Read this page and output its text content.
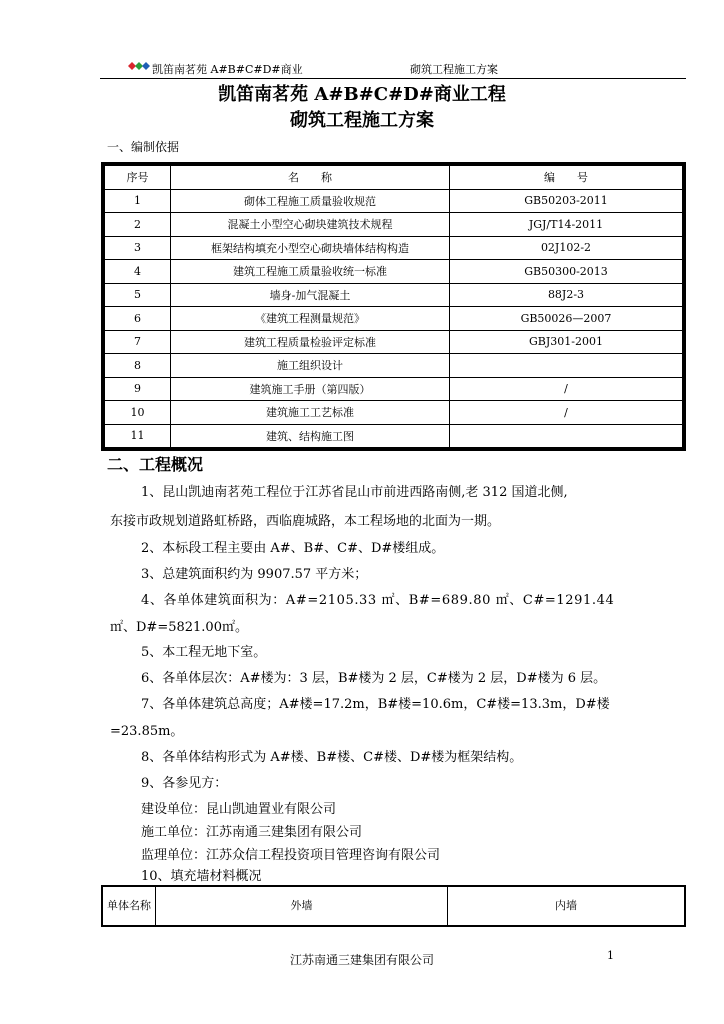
凯笛南茗苑 A#B#C#D#商业	砌筑工程施工方案
凯笛南茗苑 A#B#C#D#商业工程
砌筑工程施工方案
一、编制依据
序号	名　　称	编　　号
1	砌体工程施工质量验收规范	GB50203-2011
2	混凝土小型空心砌块建筑技术规程	JGJ/T14-2011
3	框架结构填充小型空心砌块墙体结构构造	02J102-2
4	建筑工程施工质量验收统一标准	GB50300-2013
5	墙身-加气混凝土	88J2-3
6	《建筑工程测量规范》	GB50026—2007
7	建筑工程质量检验评定标准	GBJ301-2001
8	施工组织设计	
9	建筑施工手册（第四版）	/
10	建筑施工工艺标准	/
11	建筑、结构施工图	
二、工程概况
1、昆山凯迪南茗苑工程位于江苏省昆山市前进西路南侧,老 312 国道北侧,
东接市政规划道路虹桥路，西临鹿城路，本工程场地的北面为一期。
2、本标段工程主要由 A#、B#、C#、D#楼组成。
3、总建筑面积约为 9907.57 平方米；
4、各单体建筑面积为：A#=2105.33 ㎡、B#=689.80 ㎡、C#=1291.44
㎡、D#=5821.00㎡。
5、本工程无地下室。
6、各单体层次：A#楼为：3 层，B#楼为 2 层，C#楼为 2 层，D#楼为 6 层。
7、各单体建筑总高度；A#楼=17.2m，B#楼=10.6m，C#楼=13.3m，D#楼
=23.85m。
8、各单体结构形式为 A#楼、B#楼、C#楼、D#楼为框架结构。
9、各参见方：
建设单位：昆山凯迪置业有限公司
施工单位：江苏南通三建集团有限公司
监理单位：江苏众信工程投资项目管理咨询有限公司
10、填充墙材料概况
单体名称	外墙	内墙
江苏南通三建集团有限公司	1
